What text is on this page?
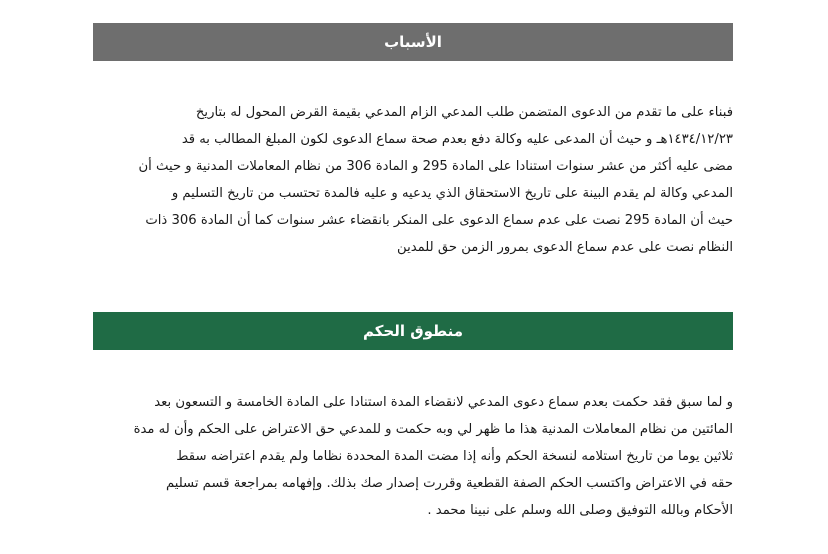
الأسباب

فبناء على ما تقدم من الدعوى المتضمن طلب المدعي الزام المدعي بقيمة القرض المحول له بتاريخ
١٤٣٤/١٢/٢٣هـ و حيث أن المدعى عليه وكالة دفع بعدم صحة سماع الدعوى لكون المبلغ المطالب به قد
مضى عليه أكثر من عشر سنوات استنادا على المادة 295 و المادة 306 من نظام المعاملات المدنية و حيث أن
المدعي وكالة لم يقدم البينة على تاريخ الاستحقاق الذي يدعيه و عليه فالمدة تحتسب من تاريخ التسليم و
حيث أن المادة 295 نصت على عدم سماع الدعوى على المنكر بانقضاء عشر سنوات كما أن المادة 306 ذات
النظام نصت على عدم سماع الدعوى بمرور الزمن حق للمدين

منطوق الحكم

و لما سبق فقد حكمت بعدم سماع دعوى المدعي لانقضاء المدة استنادا على المادة الخامسة و التسعون بعد
المائتين من نظام المعاملات المدنية هذا ما ظهر لي وبه حكمت و للمدعي حق الاعتراض على الحكم وأن له مدة
ثلاثين يوما من تاريخ استلامه لنسخة الحكم وأنه إذا مضت المدة المحددة نظاما ولم يقدم اعتراضه سقط
حقه في الاعتراض واكتسب الحكم الصفة القطعية وقررت إصدار صك بذلك. وإفهامه بمراجعة قسم تسليم
الأحكام وبالله التوفيق وصلى الله وسلم على نبينا محمد .
